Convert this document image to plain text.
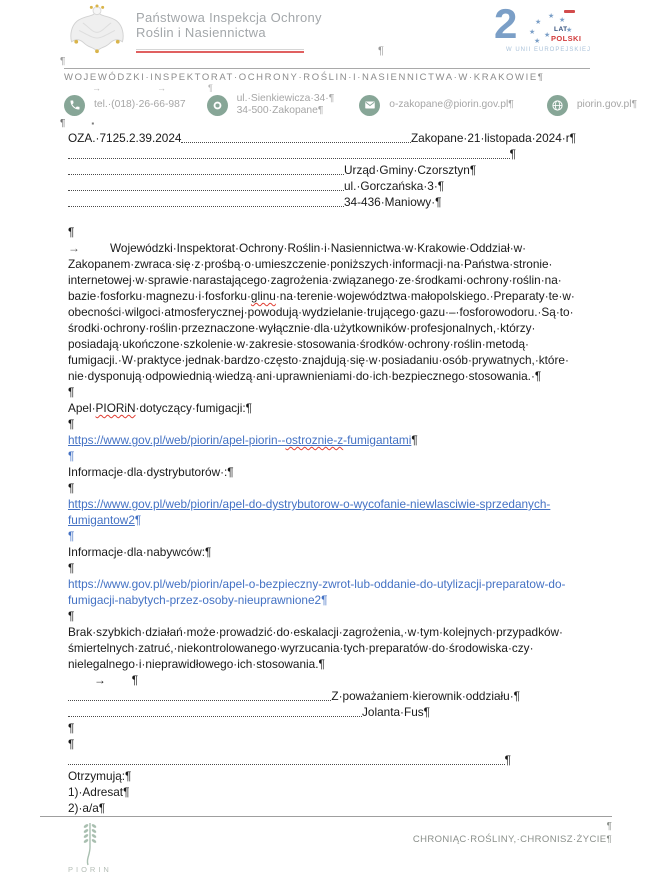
Państwowa Inspekcja Ochrony
Roślin i Nasiennictwa
¶
2	★
★
★
★	★
★
★
LAT
POLSKI
W UNII EUROPEJSKIEJ
¶
WOJEWÓDZKI·​INSPEKTORAT·​OCHRONY·​ROŚLIN·​I·​NASIENNICTWA·​W·​KRAKOWIE¶
→	→	¶
tel.·​(018)·​26-66-987
ul.·​Sienkiewicza·​34·​¶
34-500·​Zakopane¶
o-zakopane@piorin.gov.pl¶	piorin.gov.pl¶
¶	▪
OZA.·​7125.2.39.2024	Zakopane·​21·​listopada·​2024·​r¶
¶
Urząd·​Gminy·​Czorsztyn¶
ul.·​Gorczańska·​3·​¶
34-436·​Maniowy·​¶
¶
→	Wojewódzki·​Inspektorat·​Ochrony·​Roślin·​i·​Nasiennictwa·​w·​Krakowie·​Oddział·​w·​Zakopanem·​zwraca·​się·​z·​prośbą·​o·​umieszczenie·​poniższych·​informacji·​na·​Państwa·​stronie·​internetowej·​w·​sprawie·​narastającego·​zagrożenia·​związanego·​ze·​środkami·​ochrony·​roślin·​na·​bazie·​fosforku·​magnezu·​i·​fosforku·​glinu·​na·​terenie·​województwa·​małopolskiego.·​Preparaty·​te·​w·​obecności·​wilgoci·​atmosferycznej·​powodują·​wydzielanie·​trującego·​gazu·​–·​fosforowodoru.·​Są·​to·​środki·​ochrony·​roślin·​przeznaczone·​wyłącznie·​dla·​użytkowników·​profesjonalnych,·​którzy·​posiadają·​ukończone·​szkolenie·​w·​zakresie·​stosowania·​środków·​ochrony·​roślin·​metodą·​fumigacji.·​W·​praktyce·​jednak·​bardzo·​często·​znajdują·​się·​w·​posiadaniu·​osób·​prywatnych,·​które·​nie·​dysponują·​odpowiednią·​wiedzą·​ani·​uprawnieniami·​do·​ich·​bezpiecznego·​stosowania.·​¶
¶
Apel·​PIORiN·​dotyczący·​fumigacji:¶
¶
https://www.gov.pl/web/piorin/apel-piorin--ostroznie-z-fumigantami¶
¶
Informacje·​dla·​dystrybutorów·​:¶
¶
https://www.gov.pl/web/piorin/apel-do-dystrybutorow-o-wycofanie-niewlasciwie-sprzedanych-fumigantow2¶
¶
Informacje·​dla·​nabywców:¶
¶
https://www.gov.pl/web/piorin/apel-o-bezpieczny-zwrot-lub-oddanie-do-utylizacji-preparatow-do-fumigacji-nabytych-przez-osoby-nieuprawnione2¶
¶
Brak·​szybkich·​działań·​może·​prowadzić·​do·​eskalacji·​zagrożenia,·​w·​tym·​kolejnych·​przypadków·​śmiertelnych·​zatruć,·​niekontrolowanego·​wyrzucania·​tych·​preparatów·​do·​środowiska·​czy·​nielegalnego·​i·​nieprawidłowego·​ich·​stosowania.¶
→ ¶
Z·​poważaniem·​kierownik·​oddziału·​¶
Jolanta·​Fus¶
¶
¶
¶
Otrzymują:¶
1)·​Adresat¶
2)·​a/a¶
PIORIN
¶
CHRONIĄC·​ROŚLINY,·​CHRONISZ·​ŻYCIE¶
